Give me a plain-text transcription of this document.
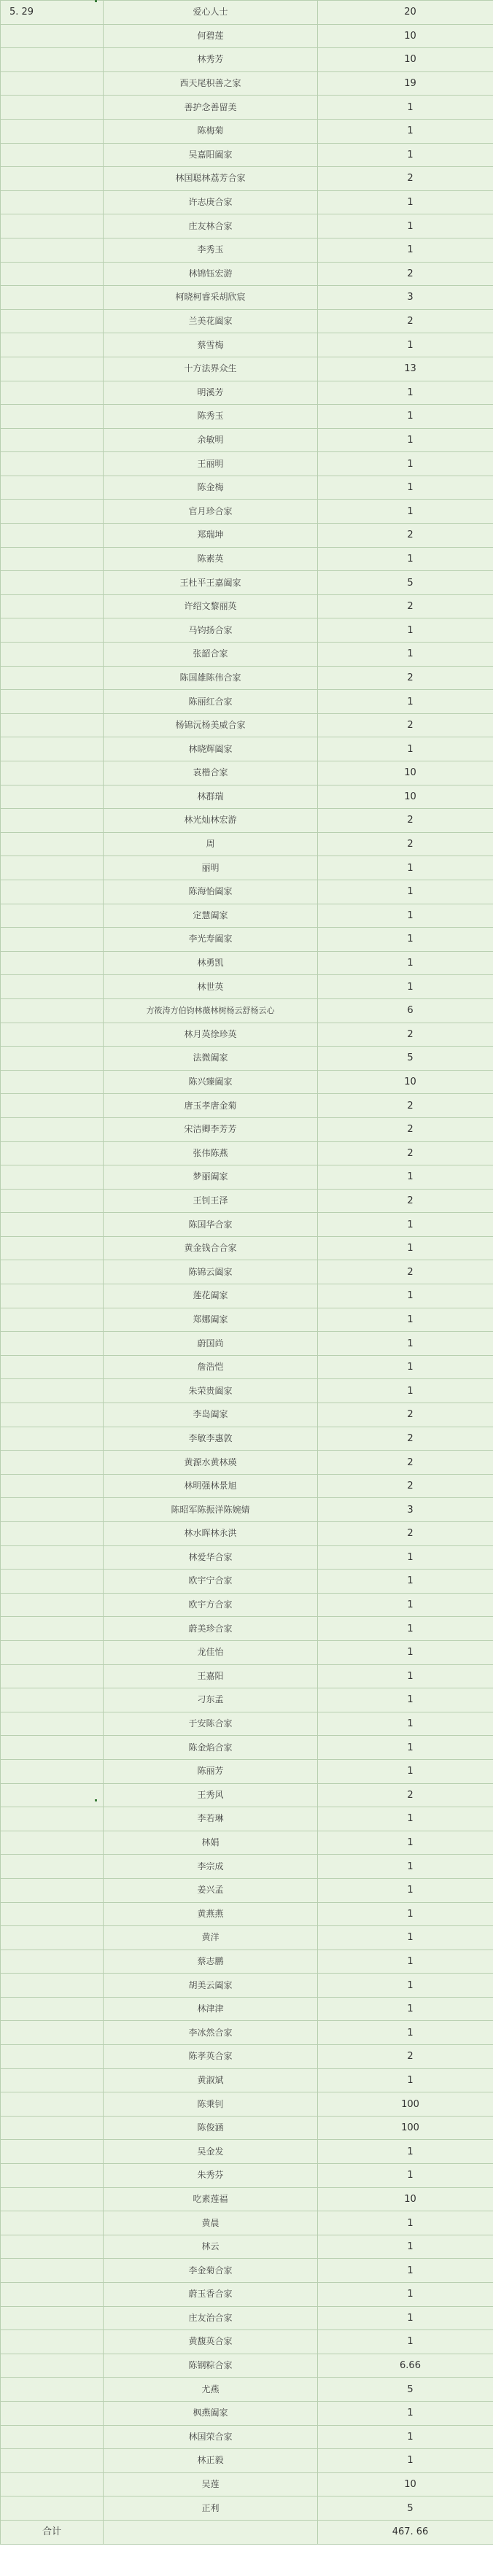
5. 29	爱心人士	20
	何碧莲	10
	林秀芳	10
	西天尾积善之家	19
	善护念善留美	1
	陈梅菊	1
	吴嘉阳阖家	1
	林国聪林荔芳合家	2
	许志庚合家	1
	庄友林合家	1
	李秀玉	1
	林锦钰宏游	2
	柯晓柯睿采胡欣宸	3
	兰美花阖家	2
	蔡雪梅	1
	十方法界众生	13
	明溪芳	1
	陈秀玉	1
	余敏明	1
	王丽明	1
	陈金梅	1
	官月珍合家	1
	郑瑞坤	2
	陈素英	1
	王杜平王嘉阖家	5
	许绍文黎丽英	2
	马钧扬合家	1
	张韶合家	1
	陈国雄陈伟合家	2
	陈丽红合家	1
	杨锦沅杨美威合家	2
	林晓辉阖家	1
	袁楷合家	10
	林群瑞	10
	林光灿林宏游	2
	周	2
	丽明	1
	陈海怡阖家	1
	定慧阖家	1
	李光寿阖家	1
	林勇凯	1
	林世英	1
	方筱涛方伯钧林薇林树杨云舒杨云心	6
	林月英徐珍英	2
	法微阖家	5
	陈兴臻阖家	10
	唐玉孝唐金菊	2
	宋洁卿李芳芳	2
	张伟陈燕	2
	梦丽阖家	1
	王钊王泽	2
	陈国华合家	1
	黄金钱合合家	1
	陈锦云阖家	2
	莲花阖家	1
	郑娜阖家	1
	蔚国尚	1
	詹浩恺	1
	朱荣贵阖家	1
	李岛阖家	2
	李敏李惠敦	2
	黄源水黄林瑛	2
	林明强林景旭	2
	陈昭军陈振洋陈婉婧	3
	林水晖林永洪	2
	林爱华合家	1
	欧宇宁合家	1
	欧宇方合家	1
	蔚美珍合家	1
	龙佳怡	1
	王嘉阳	1
	刁东孟	1
	于安陈合家	1
	陈金焰合家	1
	陈丽芳	1
	王秀风	2
	李若琳	1
	林娟	1
	李宗成	1
	姜兴孟	1
	黄燕燕	1
	黄洋	1
	蔡志鹏	1
	胡美云阖家	1
	林津津	1
	李冰然合家	1
	陈孝英合家	2
	黄淑斌	1
	陈秉钊	100
	陈俊涵	100
	吴金发	1
	朱秀芬	1
	吃素莲福	10
	黄晨	1
	林云	1
	李金菊合家	1
	蔚玉香合家	1
	庄友治合家	1
	黄馥英合家	1
	陈钢粽合家	6.66
	尤燕	5
	枫燕阖家	1
	林国荣合家	1
	林正毅	1
	吴莲	10
	正利	5
合计		467. 66
